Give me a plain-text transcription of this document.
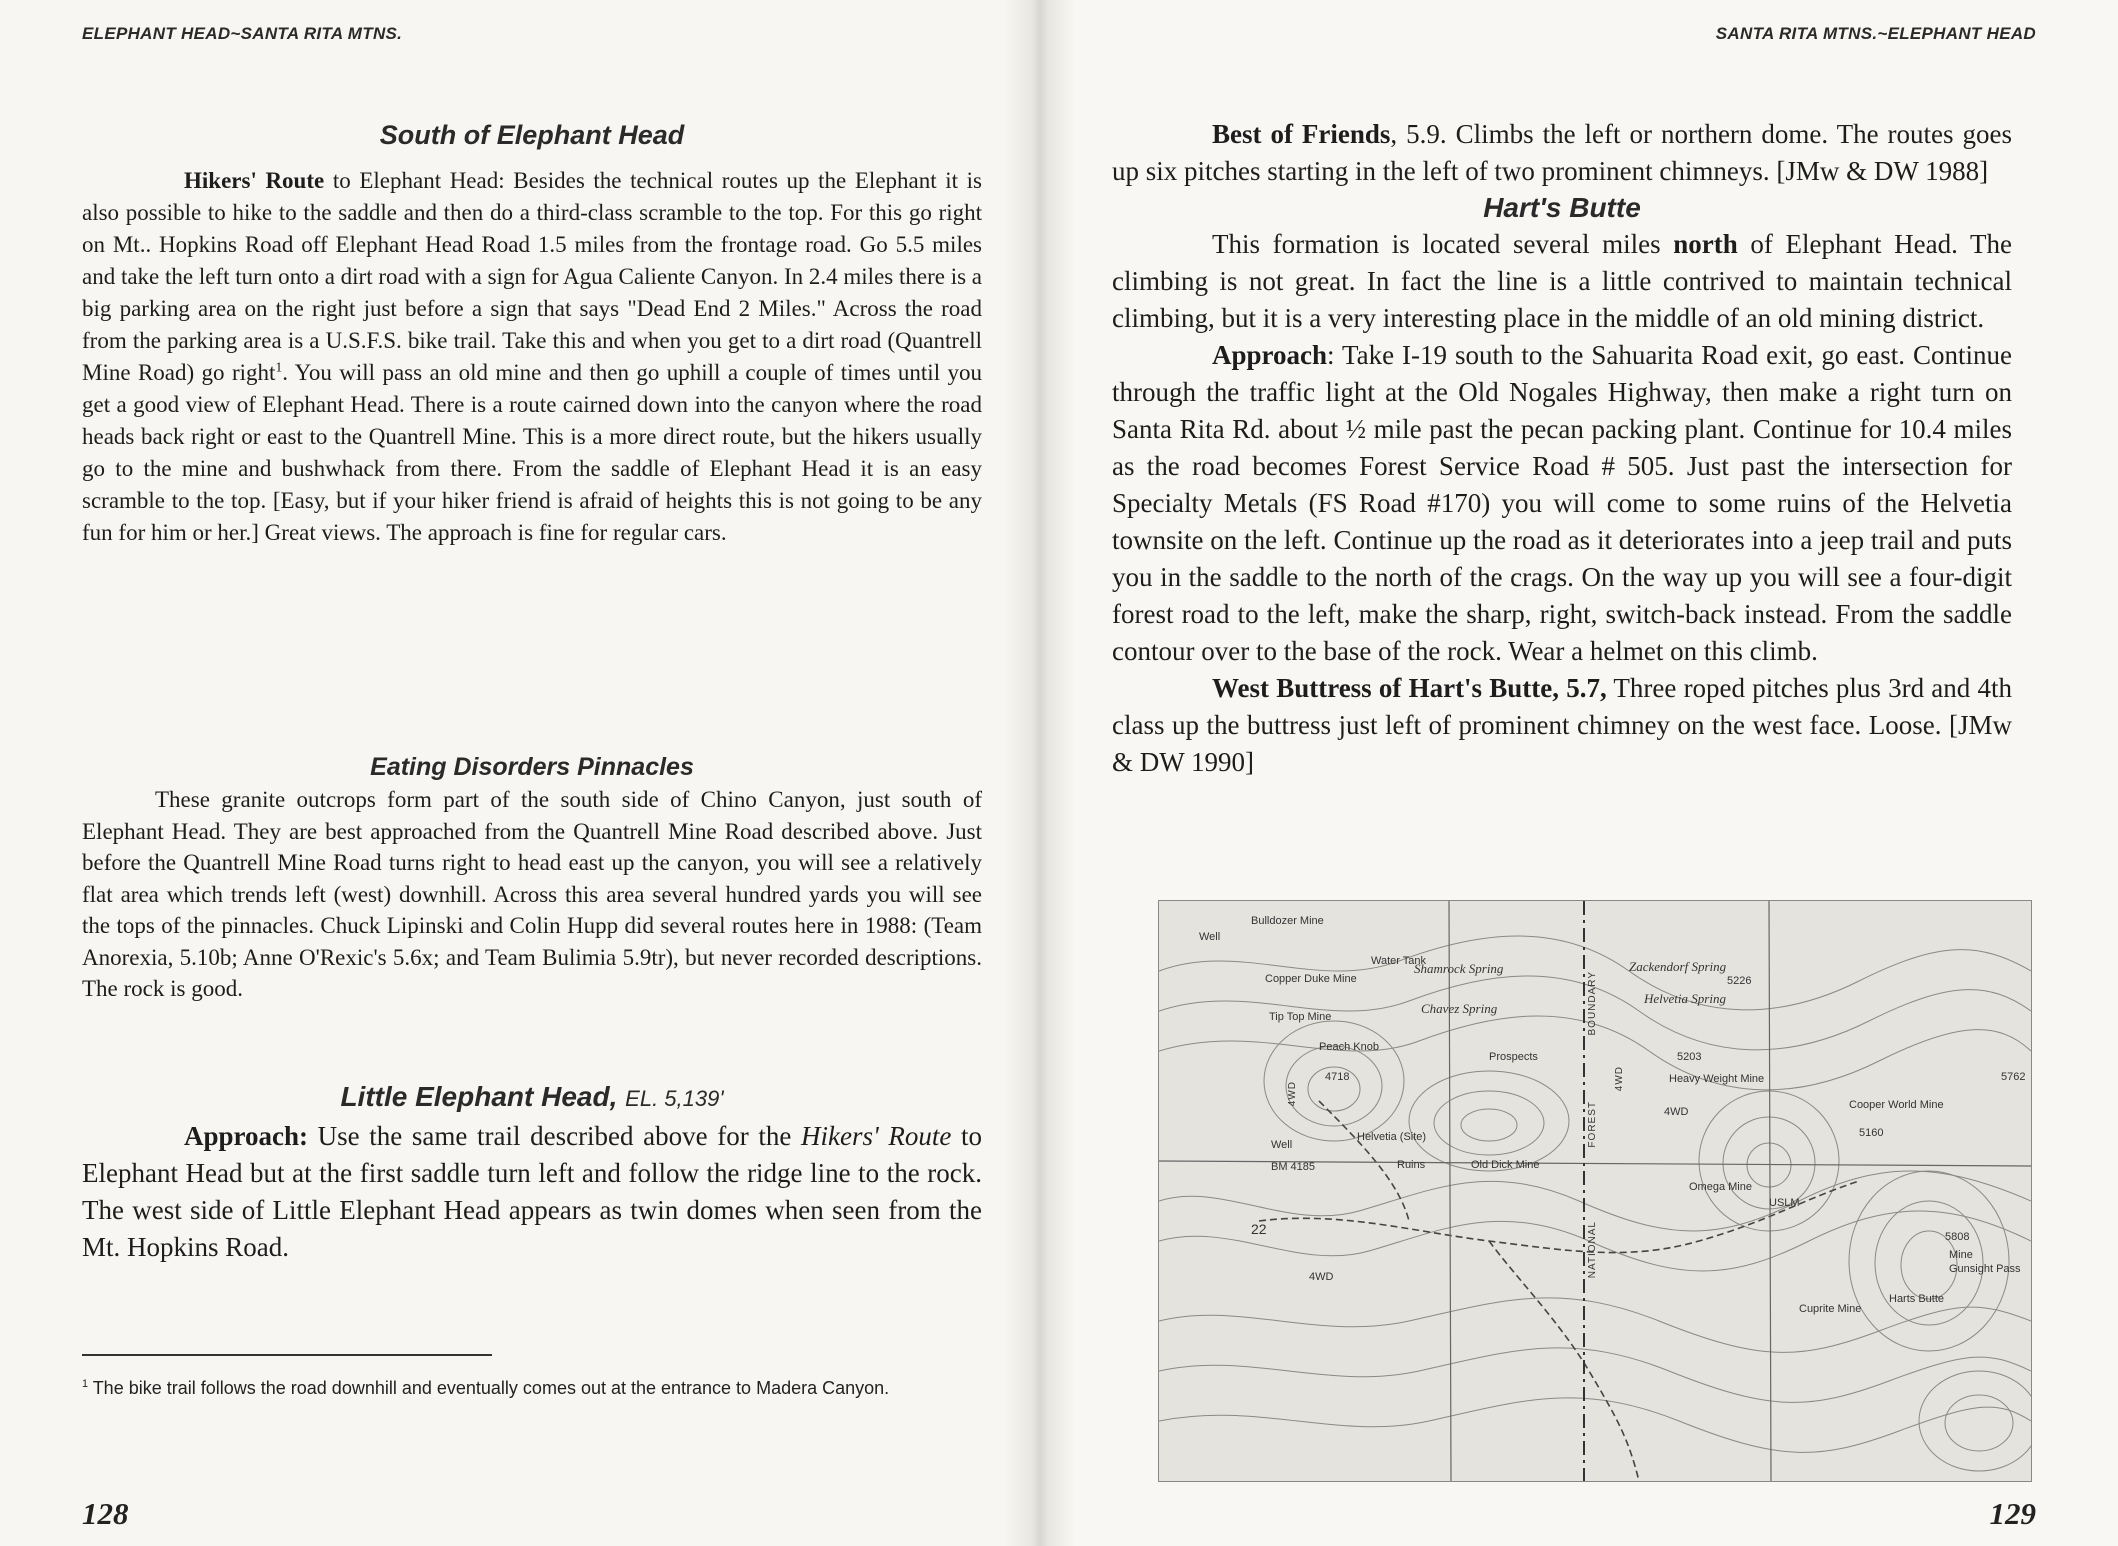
ELEPHANT HEAD~SANTA RITA MTNS.
South of Elephant Head

Hikers' Route to Elephant Head: Besides the technical routes up the Elephant it is also possible to hike to the saddle and then do a third-class scramble to the top. For this go right on Mt.. Hopkins Road off Elephant Head Road 1.5 miles from the frontage road. Go 5.5 miles and take the left turn onto a dirt road with a sign for Agua Caliente Canyon. In 2.4 miles there is a big parking area on the right just before a sign that says "Dead End 2 Miles." Across the road from the parking area is a U.S.F.S. bike trail. Take this and when you get to a dirt road (Quantrell Mine Road) go right$^1$. You will pass an old mine and then go uphill a couple of times until you get a good view of Elephant Head. There is a route cairned down into the canyon where the road heads back right or east to the Quantrell Mine. This is a more direct route, but the hikers usually go to the mine and bushwhack from there. From the saddle of Elephant Head it is an easy scramble to the top. [Easy, but if your hiker friend is afraid of heights this is not going to be any fun for him or her.] Great views. The approach is fine for regular cars.

Eating Disorders Pinnacles

These granite outcrops form part of the south side of Chino Canyon, just south of Elephant Head. They are best approached from the Quantrell Mine Road described above. Just before the Quantrell Mine Road turns right to head east up the canyon, you will see a relatively flat area which trends left (west) downhill. Across this area several hundred yards you will see the tops of the pinnacles. Chuck Lipinski and Colin Hupp did several routes here in 1988: (Team Anorexia, 5.10b; Anne O'Rexic's 5.6x; and Team Bulimia 5.9tr), but never recorded descriptions. The rock is good.

Little Elephant Head, EL. 5,139'

Approach: Use the same trail described above for the Hikers' Route to Elephant Head but at the first saddle turn left and follow the ridge line to the rock. The west side of Little Elephant Head appears as twin domes when seen from the Mt. Hopkins Road.

$^1$ The bike trail follows the road downhill and eventually comes out at the entrance to Madera Canyon.
128
SANTA RITA MTNS.~ELEPHANT HEAD

Best of Friends, 5.9. Climbs the left or northern dome. The routes goes up six pitches starting in the left of two prominent chimneys. [JMw & DW 1988]

Hart's Butte

This formation is located several miles north of Elephant Head. The climbing is not great. In fact the line is a little contrived to maintain technical climbing, but it is a very interesting place in the middle of an old mining district.

Approach: Take I-19 south to the Sahuarita Road exit, go east. Continue through the traffic light at the Old Nogales Highway, then make a right turn on Santa Rita Rd. about ½ mile past the pecan packing plant. Continue for 10.4 miles as the road becomes Forest Service Road # 505. Just past the intersection for Specialty Metals (FS Road #170) you will come to some ruins of the Helvetia townsite on the left. Continue up the road as it deteriorates into a jeep trail and puts you in the saddle to the north of the crags. On the way up you will see a four-digit forest road to the left, make the sharp, right, switch-back instead. From the saddle contour over to the base of the rock. Wear a helmet on this climb.

West Buttress of Hart's Butte, 5.7, Three roped pitches plus 3rd and 4th class up the buttress just left of prominent chimney on the west face. Loose. [JMw & DW 1990]

Bulldozer Mine
Well
Water Tank
Shamrock Spring	Zackendorf Spring
Helvetia Spring
Copper Duke Mine
Chavez Spring
Tip Top Mine
Peach Knob
4718
4WD
Prospects
Heavy Weight Mine
4WD
4WD
BOUNDARY
FOREST
NATIONAL
Cooper World Mine
Helvetia (Site)
Ruins
Well
BM 4185	Old Dick Mine
Omega Mine
USLM
22
4WD
Gunsight Pass
Mine
Harts Butte
Cuprite Mine
5226
5203
5762
5160
5808
129
